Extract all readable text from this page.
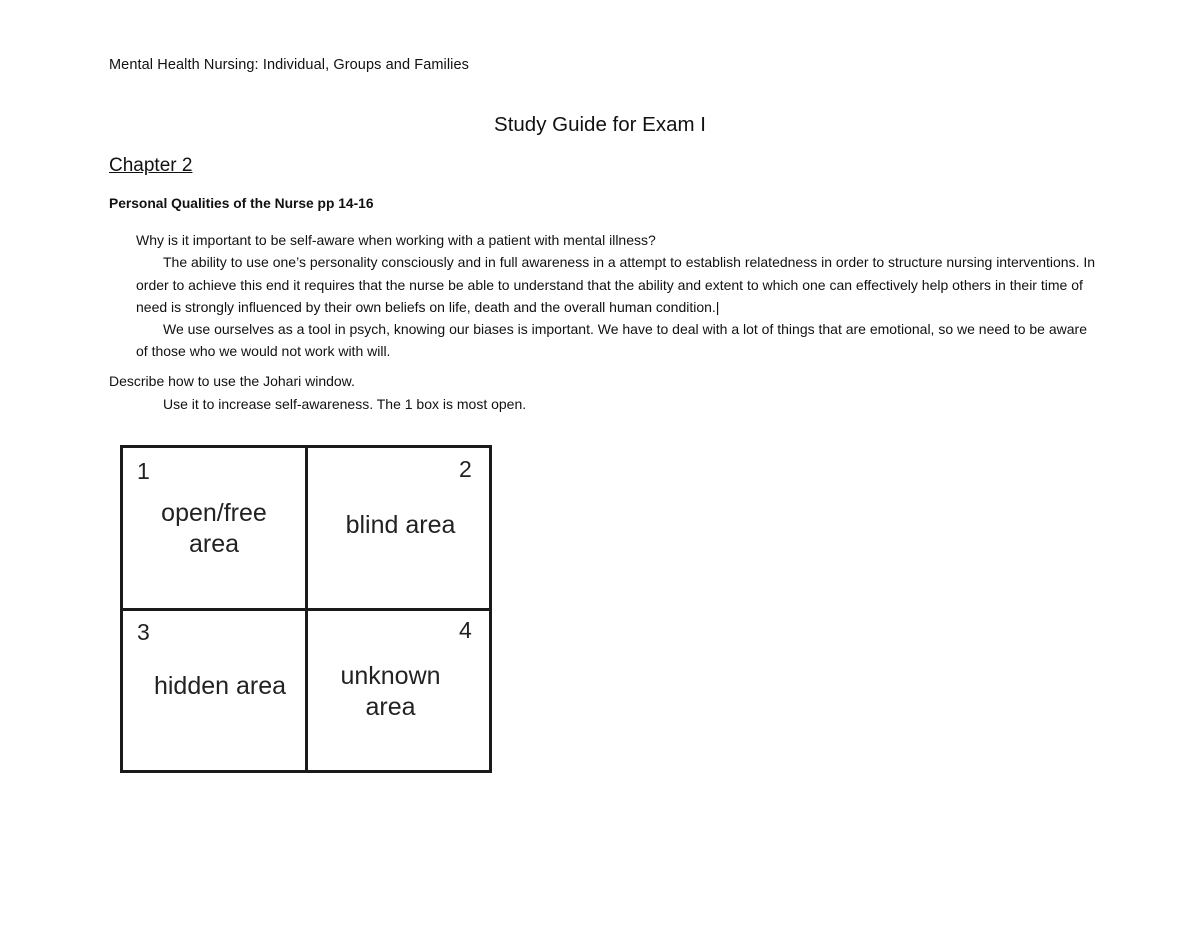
Mental Health Nursing: Individual, Groups and Families
Study Guide for Exam I
Chapter 2
Personal Qualities of the Nurse pp 14-16

Why is it important to be self-aware when working with a patient with mental illness?

The ability to use one’s personality consciously and in full awareness in a attempt to establish relatedness in order to structure nursing interventions. In order to achieve this end it requires that the nurse be able to understand that the ability and extent to which one can effectively help others in their time of need is strongly influenced by their own beliefs on life, death and the overall human condition.|

We use ourselves as a tool in psych, knowing our biases is important. We have to deal with a lot of things that are emotional, so we need to be aware of those who we would not work with will.

Describe how to use the Johari window.
Use it to increase self-awareness. The 1 box is most open.
1
open/free
area
2
blind area
3
hidden area
4
unknown
area
